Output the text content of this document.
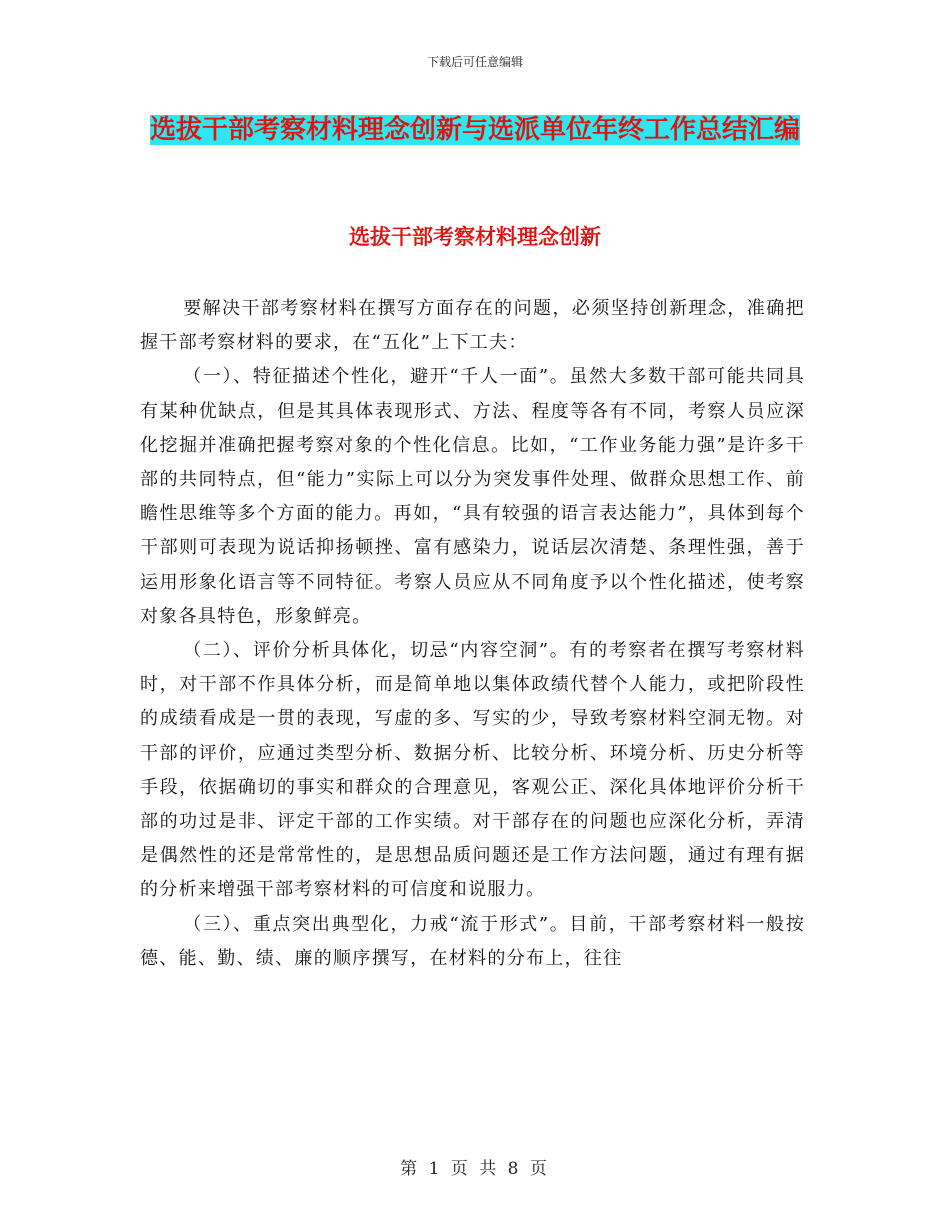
下载后可任意编辑
选拔干部考察材料理念创新与选派单位年终工作总结汇编
选拔干部考察材料理念创新

要解决干部考察材料在撰写方面存在的问题，必须坚持创新理念，准确把握干部考察材料的要求，在“五化”上下工夫：

（一）、特征描述个性化，避开“千人一面”。虽然大多数干部可能共同具有某种优缺点，但是其具体表现形式、方法、程度等各有不同，考察人员应深化挖掘并准确把握考察对象的个性化信息。比如，“工作业务能力强”是许多干部的共同特点，但“能力”实际上可以分为突发事件处理、做群众思想工作、前瞻性思维等多个方面的能力。再如，“具有较强的语言表达能力”，具体到每个干部则可表现为说话抑扬顿挫、富有感染力，说话层次清楚、条理性强，善于运用形象化语言等不同特征。考察人员应从不同角度予以个性化描述，使考察对象各具特色，形象鲜亮。

（二）、评价分析具体化，切忌“内容空洞”。有的考察者在撰写考察材料时，对干部不作具体分析，而是简单地以集体政绩代替个人能力，或把阶段性的成绩看成是一贯的表现，写虚的多、写实的少，导致考察材料空洞无物。对干部的评价，应通过类型分析、数据分析、比较分析、环境分析、历史分析等手段，依据确切的事实和群众的合理意见，客观公正、深化具体地评价分析干部的功过是非、评定干部的工作实绩。对干部存在的问题也应深化分析，弄清是偶然性的还是常常性的，是思想品质问题还是工作方法问题，通过有理有据的分析来增强干部考察材料的可信度和说服力。

（三）、重点突出典型化，力戒“流于形式”。目前，干部考察材料一般按德、能、勤、绩、廉的顺序撰写，在材料的分布上，往往

第 1 页 共 8 页
